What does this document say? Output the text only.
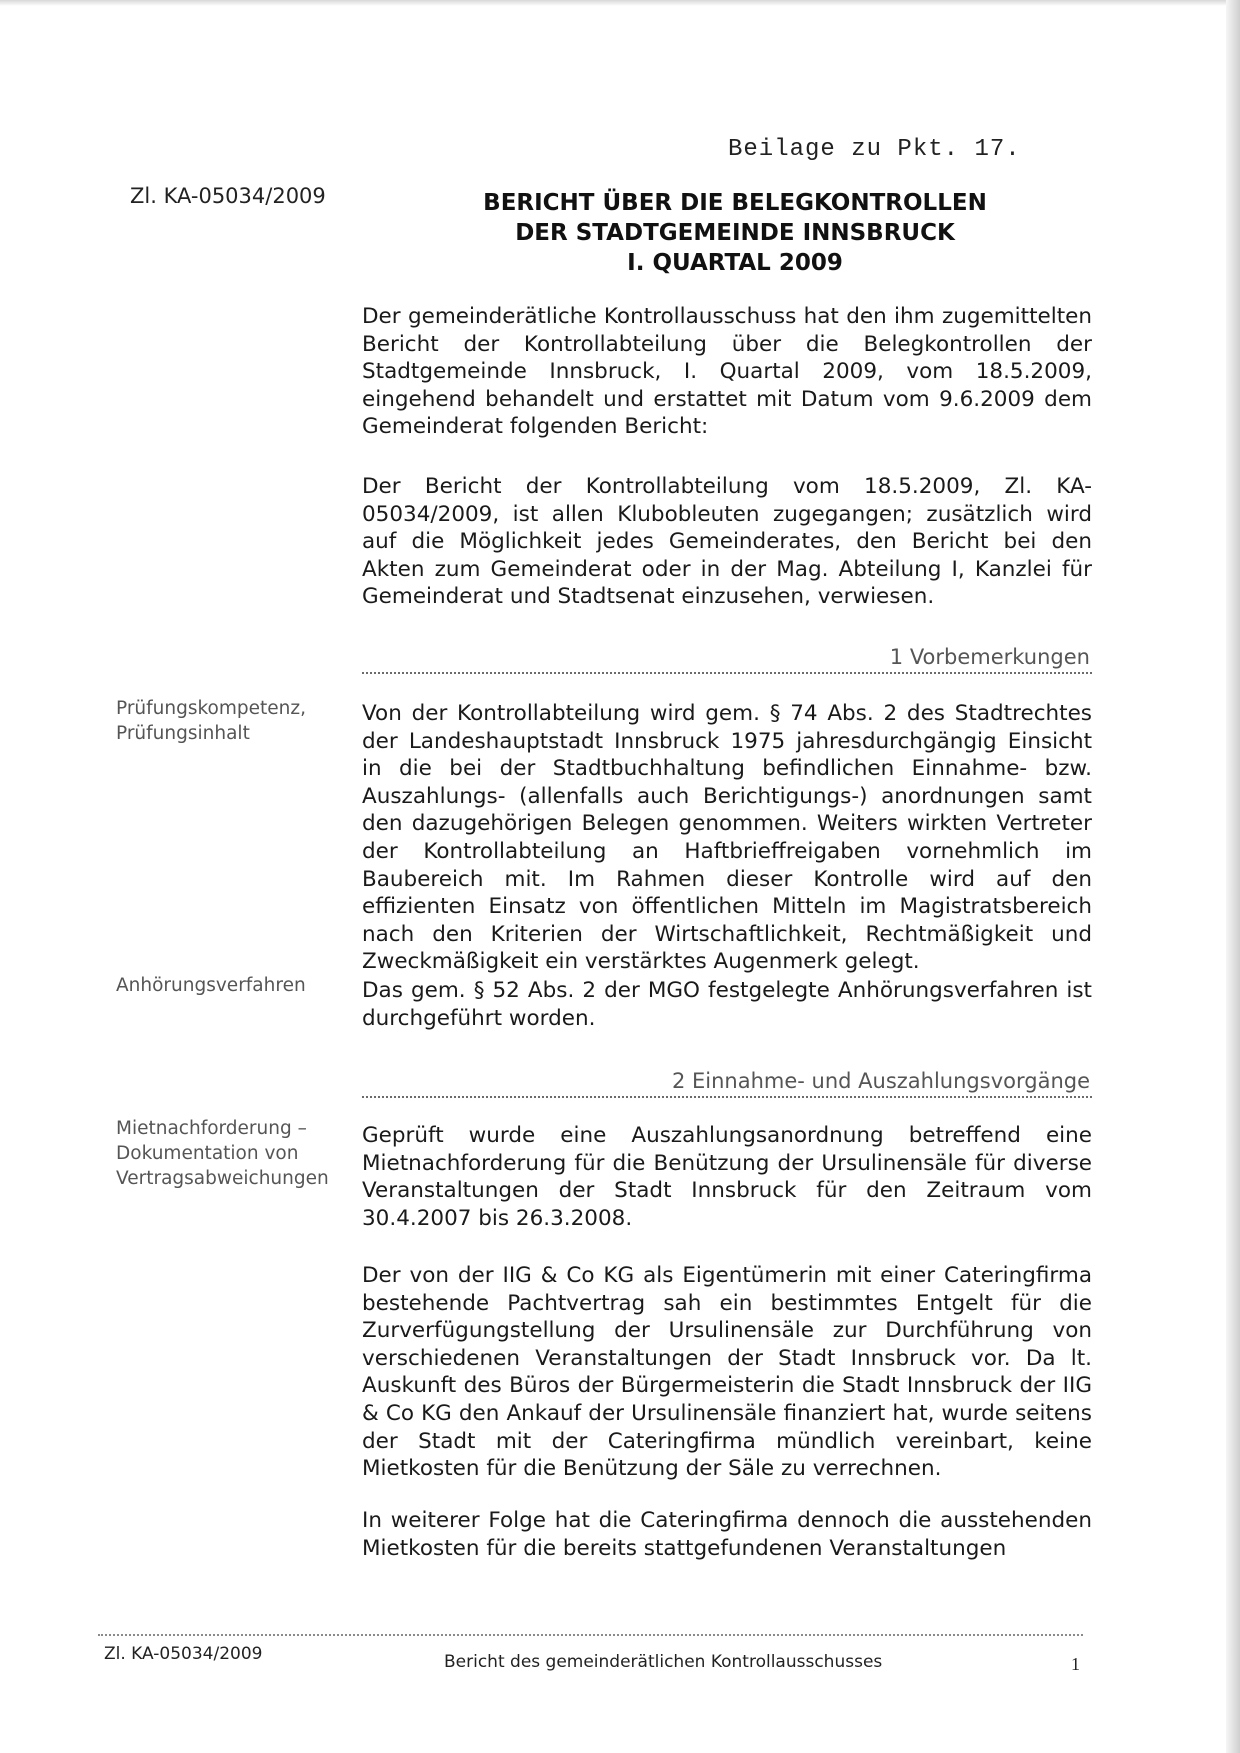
Beilage zu Pkt. 17.
Zl. KA-05034/2009	BERICHT ÜBER DIE BELEGKONTROLLEN
DER STADTGEMEINDE INNSBRUCK
I. QUARTAL 2009
Der gemeinderätliche Kontrollausschuss hat den ihm zugemittelten Bericht der Kontrollabteilung über die Belegkontrollen der Stadtgemeinde Innsbruck, I. Quartal 2009, vom 18.5.2009, eingehend behandelt und erstattet mit Datum vom 9.6.2009 dem Gemeinderat folgenden Bericht:
Der Bericht der Kontrollabteilung vom 18.5.2009, Zl. KA-05034/2009, ist allen Klubobleuten zugegangen; zusätzlich wird auf die Möglichkeit jedes Gemeinderates, den Bericht bei den Akten zum Gemeinderat oder in der Mag. Abteilung I, Kanzlei für Gemeinderat und Stadtsenat einzusehen, verwiesen.
1 Vorbemerkungen
Prüfungskompetenz, Prüfungsinhalt
Von der Kontrollabteilung wird gem. § 74 Abs. 2 des Stadtrechtes der Landeshauptstadt Innsbruck 1975 jahresdurchgängig Einsicht in die bei der Stadtbuchhaltung befindlichen Einnahme- bzw. Auszahlungs- (allenfalls auch Berichtigungs-) anordnungen samt den dazugehörigen Belegen genommen. Weiters wirkten Vertreter der Kontrollabteilung an Haftbrieffreigaben vornehmlich im Baubereich mit. Im Rahmen dieser Kontrolle wird auf den effizienten Einsatz von öffentlichen Mitteln im Magistratsbereich nach den Kriterien der Wirtschaftlichkeit, Rechtmäßigkeit und Zweckmäßigkeit ein verstärktes Augenmerk gelegt.
Anhörungsverfahren	Das gem. § 52 Abs. 2 der MGO festgelegte Anhörungsverfahren ist durchgeführt worden.
2 Einnahme- und Auszahlungsvorgänge
Mietnachforderung – Dokumentation von Vertragsabweichungen
Geprüft wurde eine Auszahlungsanordnung betreffend eine Mietnachforderung für die Benützung der Ursulinensäle für diverse Veranstaltungen der Stadt Innsbruck für den Zeitraum vom 30.4.2007 bis 26.3.2008.
Der von der IIG & Co KG als Eigentümerin mit einer Cateringfirma bestehende Pachtvertrag sah ein bestimmtes Entgelt für die Zurverfügungstellung der Ursulinensäle zur Durchführung von verschiedenen Veranstaltungen der Stadt Innsbruck vor. Da lt. Auskunft des Büros der Bürgermeisterin die Stadt Innsbruck der IIG & Co KG den Ankauf der Ursulinensäle finanziert hat, wurde seitens der Stadt mit der Cateringfirma mündlich vereinbart, keine Mietkosten für die Benützung der Säle zu verrechnen.
In weiterer Folge hat die Cateringfirma dennoch die ausstehenden Mietkosten für die bereits stattgefundenen Veranstaltungen
Zl. KA-05034/2009	Bericht des gemeinderätlichen Kontrollausschusses	1
